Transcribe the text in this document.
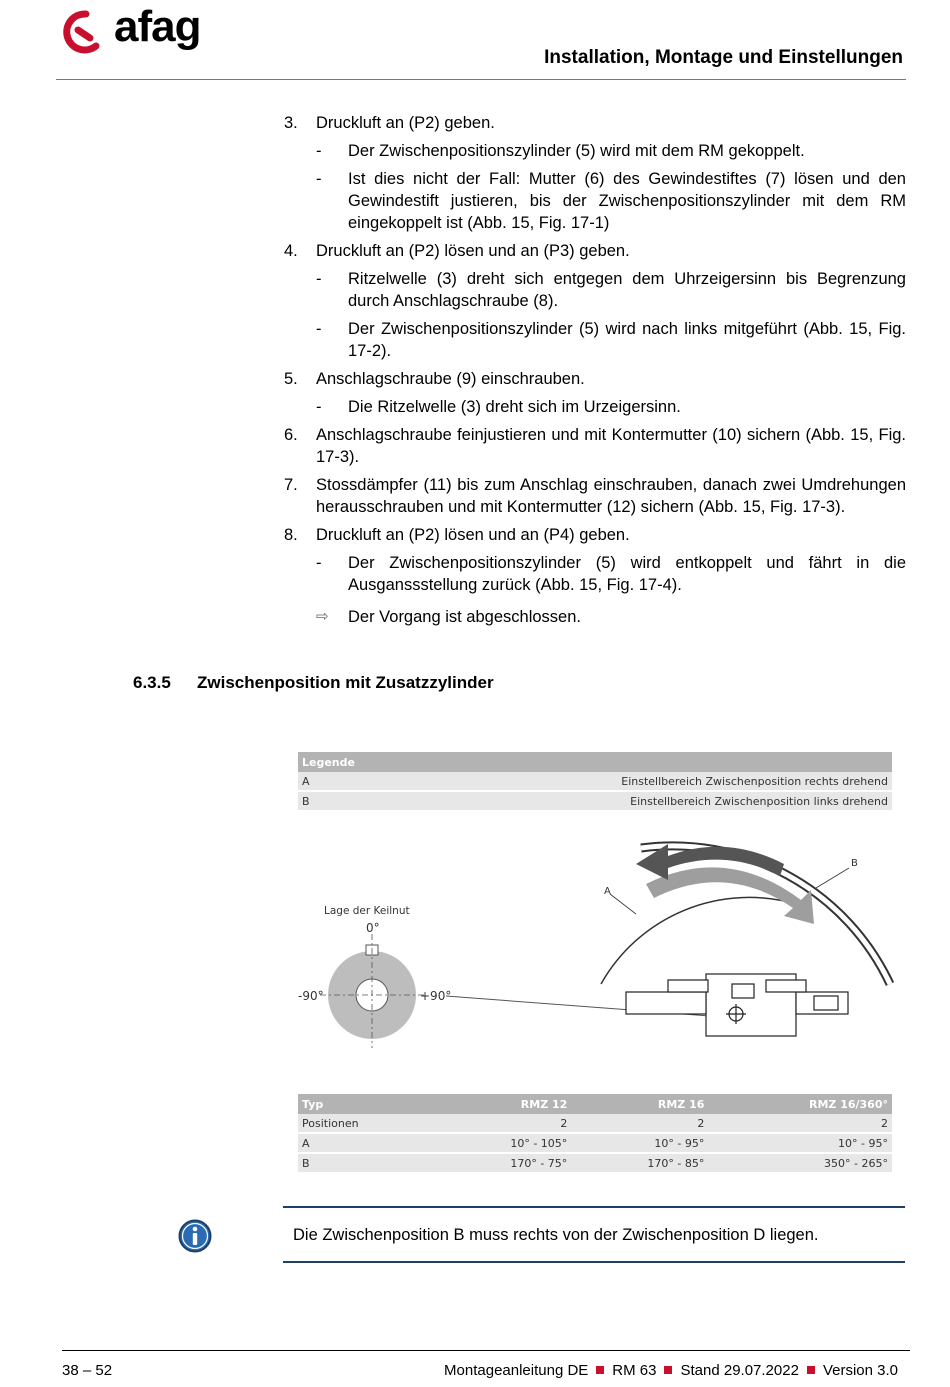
afag
Installation, Montage und Einstellungen
3. Druckluft an (P2) geben.
- Der Zwischenpositionszylinder (5) wird mit dem RM gekoppelt.
- Ist dies nicht der Fall: Mutter (6) des Gewindestiftes (7) lösen und den Gewindestift justieren, bis der Zwischenpositionszylinder mit dem RM eingekoppelt ist (Abb. 15, Fig. 17-1)
4. Druckluft an (P2) lösen und an (P3) geben.
- Ritzelwelle (3) dreht sich entgegen dem Uhrzeigersinn bis Begrenzung durch Anschlagschraube (8).
- Der Zwischenpositionszylinder (5) wird nach links mitgeführt (Abb. 15, Fig. 17-2).
5. Anschlagschraube (9) einschrauben.
- Die Ritzelwelle (3) dreht sich im Urzeigersinn.
6. Anschlagschraube feinjustieren und mit Kontermutter (10) sichern (Abb. 15, Fig. 17-3).
7. Stossdämpfer (11) bis zum Anschlag einschrauben, danach zwei Umdrehungen herausschrauben und mit Kontermutter (12) sichern (Abb. 15, Fig. 17-3).
8. Druckluft an (P2) lösen und an (P4) geben.
- Der Zwischenpositionszylinder (5) wird entkoppelt und fährt in die Ausganssstellung zurück (Abb. 15, Fig. 17-4).
⇨ Der Vorgang ist abgeschlossen.
6.3.5 Zwischenposition mit Zusatzzylinder
Legende	
A	Einstellbereich Zwischenposition rechts drehend
B	Einstellbereich Zwischenposition links drehend
Lage der Keilnut
0°
-90°	+90°
A
B
Typ	RMZ 12	RMZ 16	RMZ 16/360°
Positionen	2	2	2
A	10° - 105°	10° - 95°	10° - 95°
B	170° - 75°	170° - 85°	350° - 265°
Die Zwischenposition B muss rechts von der Zwischenposition D liegen.
38 – 52	Montageanleitung DE RM 63 Stand 29.07.2022 Version 3.0
